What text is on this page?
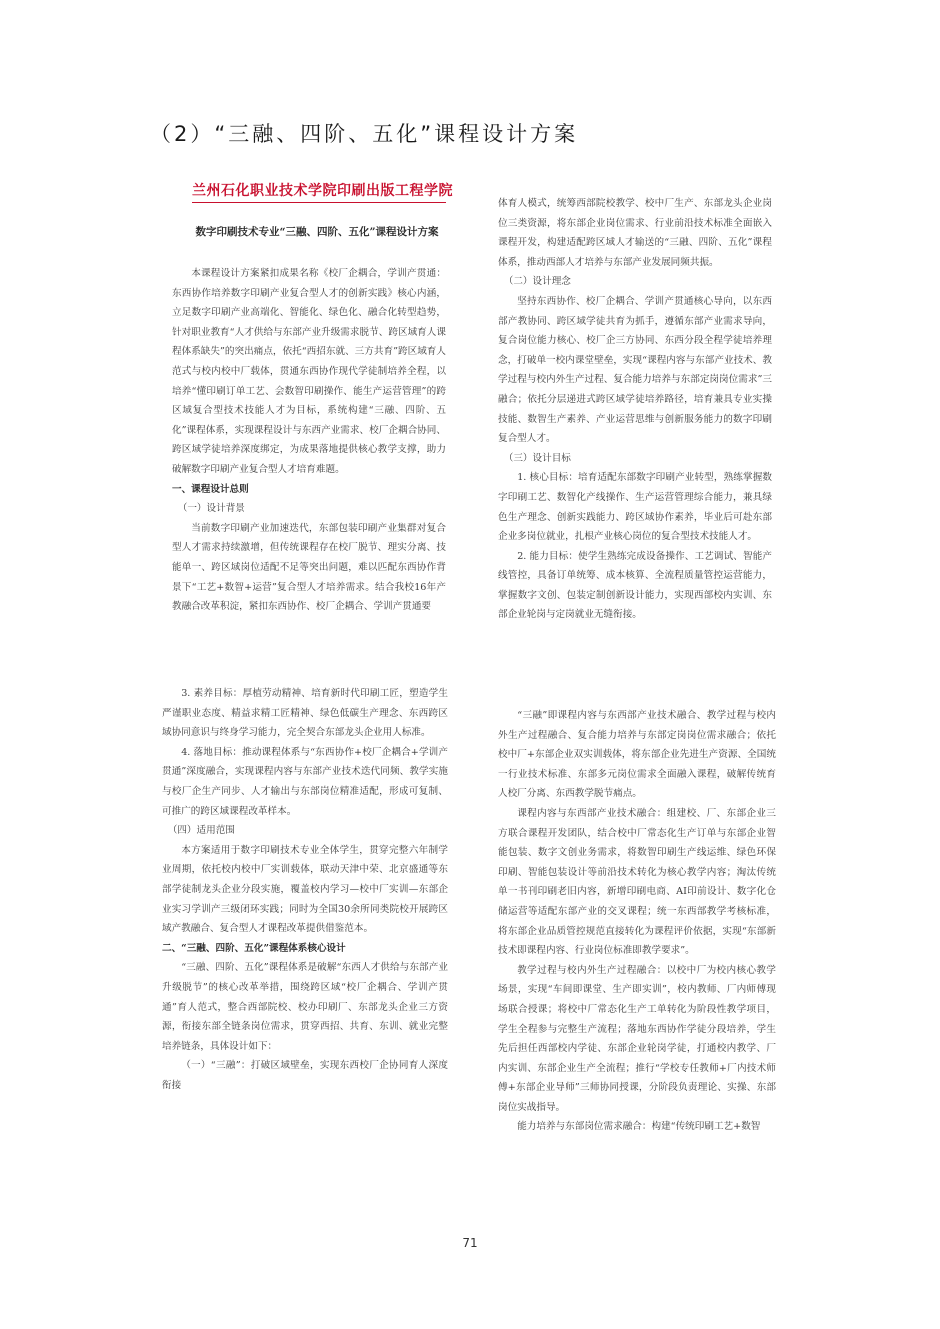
（2）“三融、四阶、五化”课程设计方案
兰州石化职业技术学院印刷出版工程学院
数字印刷技术专业“三融、四阶、五化”课程设计方案

本课程设计方案紧扣成果名称《校厂企耦合，学训产贯通：东西协作培养数字印刷产业复合型人才的创新实践》核心内涵，立足数字印刷产业高端化、智能化、绿色化、融合化转型趋势，针对职业教育“人才供给与东部产业升级需求脱节、跨区域育人课程体系缺失”的突出痛点，依托“西招东就、三方共育”跨区域育人范式与校内校中厂载体，贯通东西协作现代学徒制培养全程，以培养“懂印刷订单工艺、会数智印刷操作、能生产运营管理”的跨区域复合型技术技能人才为目标，系统构建“三融、四阶、五化”课程体系，实现课程设计与东西产业需求、校厂企耦合协同、跨区域学徒培养深度绑定，为成果落地提供核心教学支撑，助力破解数字印刷产业复合型人才培育难题。

一、课程设计总则

（一）设计背景

当前数字印刷产业加速迭代，东部包装印刷产业集群对复合型人才需求持续激增，但传统课程存在校厂脱节、理实分离、技能单一、跨区域岗位适配不足等突出问题，难以匹配东西协作背景下“工艺+数智+运营”复合型人才培养需求。结合我校16年产教融合改革积淀，紧扣东西协作、校厂企耦合、学训产贯通要

体育人模式，统筹西部院校教学、校中厂生产、东部龙头企业岗位三类资源，将东部企业岗位需求、行业前沿技术标准全面嵌入课程开发，构建适配跨区域人才输送的“三融、四阶、五化”课程体系，推动西部人才培养与东部产业发展同频共振。

（二）设计理念

坚持东西协作、校厂企耦合、学训产贯通核心导向，以东西部产教协同、跨区域学徒共育为抓手，遵循东部产业需求导向，复合岗位能力核心、校厂企三方协同、东西分段全程学徒培养理念，打破单一校内课堂壁垒，实现“课程内容与东部产业技术、教学过程与校内外生产过程、复合能力培养与东部定岗岗位需求”三融合；依托分层递进式跨区域学徒培养路径，培育兼具专业实操技能、数智生产素养、产业运营思维与创新服务能力的数字印刷复合型人才。

（三）设计目标

1. 核心目标：培育适配东部数字印刷产业转型，熟练掌握数字印刷工艺、数智化产线操作、生产运营管理综合能力，兼具绿色生产理念、创新实践能力、跨区域协作素养，毕业后可赴东部企业多岗位就业，扎根产业核心岗位的复合型技术技能人才。

2. 能力目标：使学生熟练完成设备操作、工艺调试、智能产线管控，具备订单统筹、成本核算、全流程质量管控运营能力，掌握数字文创、包装定制创新设计能力，实现西部校内实训、东部企业轮岗与定岗就业无缝衔接。

3. 素养目标：厚植劳动精神、培育新时代印刷工匠，塑造学生严谨职业态度、精益求精工匠精神、绿色低碳生产理念、东西跨区域协同意识与终身学习能力，完全契合东部龙头企业用人标准。

4. 落地目标：推动课程体系与“东西协作+校厂企耦合+学训产贯通”深度融合，实现课程内容与东部产业技术迭代同频、教学实施与校厂企生产同步、人才输出与东部岗位精准适配，形成可复制、可推广的跨区域课程改革样本。

（四）适用范围

本方案适用于数字印刷技术专业全体学生，贯穿完整六年制学业周期，依托校内校中厂实训载体，联动天津中荣、北京盛通等东部学徒制龙头企业分段实施，覆盖校内学习—校中厂实训—东部企业实习学训产三级闭环实践；同时为全国30余所同类院校开展跨区域产教融合、复合型人才课程改革提供借鉴范本。

二、“三融、四阶、五化”课程体系核心设计

“三融、四阶、五化”课程体系是破解“东西人才供给与东部产业升级脱节”的核心改革举措，围绕跨区域“校厂企耦合、学训产贯通”育人范式，整合西部院校、校办印刷厂、东部龙头企业三方资源，衔接东部全链条岗位需求，贯穿西招、共育、东训、就业完整培养链条，具体设计如下：

（一）“三融”：打破区域壁垒，实现东西校厂企协同育人深度衔接

“三融”即课程内容与东西部产业技术融合、教学过程与校内外生产过程融合、复合能力培养与东部定岗岗位需求融合；依托校中厂+东部企业双实训载体，将东部企业先进生产资源、全国统一行业技术标准、东部多元岗位需求全面融入课程，破解传统育人校厂分离、东西教学脱节痛点。

课程内容与东西部产业技术融合：组建校、厂、东部企业三方联合课程开发团队，结合校中厂常态化生产订单与东部企业智能包装、数字文创业务需求，将数智印刷生产线运维、绿色环保印刷、智能包装设计等前沿技术转化为核心教学内容；淘汰传统单一书刊印刷老旧内容，新增印刷电商、AI印前设计、数字化仓储运营等适配东部产业的交叉课程；统一东西部教学考核标准，将东部企业品质管控规范直接转化为课程评价依据，实现“东部新技术即课程内容、行业岗位标准即教学要求”。

教学过程与校内外生产过程融合：以校中厂为校内核心教学场景，实现“车间即课堂、生产即实训”，校内教师、厂内师傅现场联合授课；将校中厂常态化生产工单转化为阶段性教学项目，学生全程参与完整生产流程；落地东西协作学徒分段培养，学生先后担任西部校内学徒、东部企业轮岗学徒，打通校内教学、厂内实训、东部企业生产全流程；推行“学校专任教师+厂内技术师傅+东部企业导师”三师协同授课，分阶段负责理论、实操、东部岗位实战指导。

能力培养与东部岗位需求融合：构建“传统印刷工艺+数智

71
